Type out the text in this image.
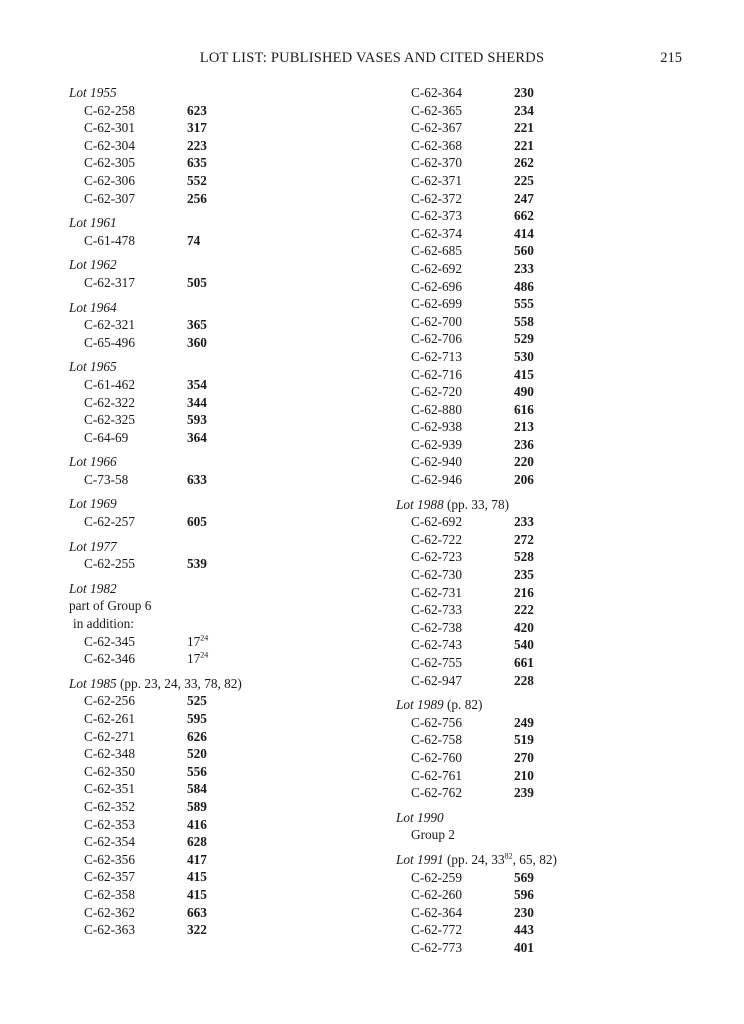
LOT LIST: PUBLISHED VASES AND CITED SHERDS	215
Lot 1955
C-62-258	623
C-62-301	317
C-62-304	223
C-62-305	635
C-62-306	552
C-62-307	256
Lot 1961
C-61-478	74
Lot 1962
C-62-317	505
Lot 1964
C-62-321	365
C-65-496	360
Lot 1965
C-61-462	354
C-62-322	344
C-62-325	593
C-64-69	364
Lot 1966
C-73-58	633
Lot 1969
C-62-257	605
Lot 1977
C-62-255	539
Lot 1982
part of Group 6
in addition:
C-62-345	$17^{24}$
C-62-346	$17^{24}$
Lot 1985 (pp. 23, 24, 33, 78, 82)
C-62-256	525
C-62-261	595
C-62-271	626
C-62-348	520
C-62-350	556
C-62-351	584
C-62-352	589
C-62-353	416
C-62-354	628
C-62-356	417
C-62-357	415
C-62-358	415
C-62-362	663
C-62-363	322
C-62-364	230
C-62-365	234
C-62-367	221
C-62-368	221
C-62-370	262
C-62-371	225
C-62-372	247
C-62-373	662
C-62-374	414
C-62-685	560
C-62-692	233
C-62-696	486
C-62-699	555
C-62-700	558
C-62-706	529
C-62-713	530
C-62-716	415
C-62-720	490
C-62-880	616
C-62-938	213
C-62-939	236
C-62-940	220
C-62-946	206
Lot 1988 (pp. 33, 78)
C-62-692	233
C-62-722	272
C-62-723	528
C-62-730	235
C-62-731	216
C-62-733	222
C-62-738	420
C-62-743	540
C-62-755	661
C-62-947	228
Lot 1989 (p. 82)
C-62-756	249
C-62-758	519
C-62-760	270
C-62-761	210
C-62-762	239
Lot 1990
Group 2
Lot 1991 (pp. 24, $33^{82}$, 65, 82)
C-62-259	569
C-62-260	596
C-62-364	230
C-62-772	443
C-62-773	401
